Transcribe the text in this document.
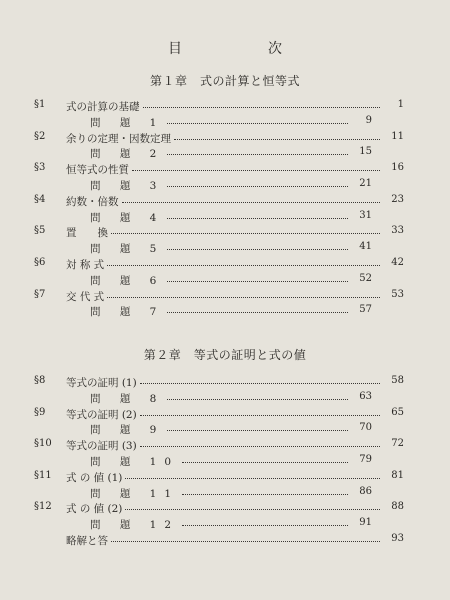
目　次
第１章　式の計算と恒等式
§1 式の計算の基礎	1
問 題 1	9
§2 余りの定理・因数定理	11
問 題 2	15
§3 恒等式の性質	16
問 題 3	21
§4 約数・倍数	23
問 題 4	31
§5 置　　換	33
問 題 5	41
§6 対 称 式	42
問 題 6	52
§7 交 代 式	53
問 題 7	57
第２章　等式の証明と式の値
§8 等式の証明 (1)	58
問 題 8	63
§9 等式の証明 (2)	65
問 題 9	70
§10 等式の証明 (3)	72
問 題 10	79
§11 式 の 値 (1)	81
問 題 11	86
§12 式 の 値 (2)	88
問 題 12	91
略解と答	93
